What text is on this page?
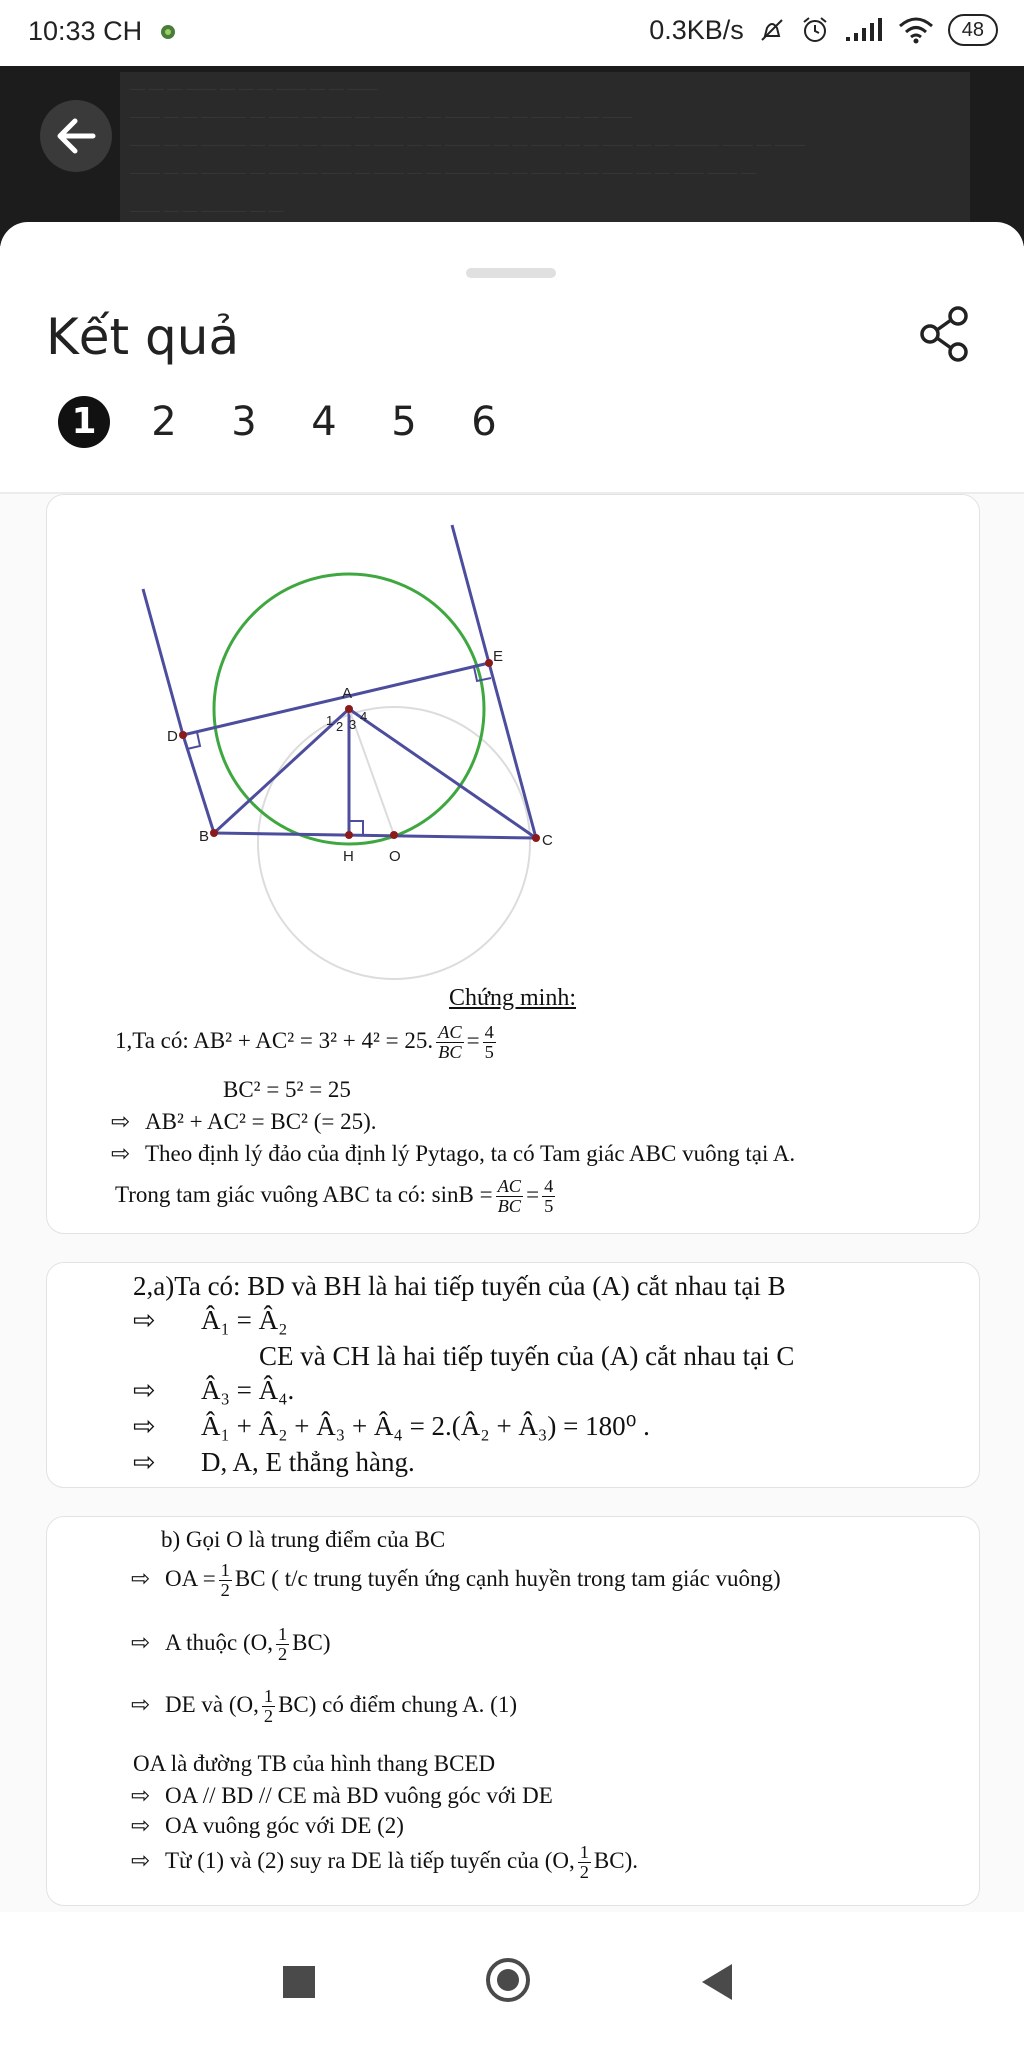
10:33 CH	0.3KB/s	48
— — — —— — — — —— — — ——
—— — — ——— — —— — —— — —— — — ——— — — —— — — ——
—— — — ——— — —— — —— — —— — — ——— — — —— — — —— — — ——— —— — ——
—— — — ——— — —— — —— — —— — — ——— — — —— — — —— — — —— —— —
—— — — ——— — —
Kết quả
1	2	3	4	5	6
A
B	C
D
E
H O
1 2 3
4
Chứng minh:
1,Ta có: AB² + AC² = 3² + 4² = 25. $\frac{AC}{BC} = \frac{4}{5}$
BC² = 5² = 25
⇨ AB² + AC² = BC² (= 25).
⇨ Theo định lý đảo của định lý Pytago, ta có Tam giác ABC vuông tại A.
Trong tam giác vuông ABC ta có: $\sin B = \frac{AC}{BC} = \frac{4}{5}$
2,a)Ta có: BD và BH là hai tiếp tuyến của (A) cắt nhau tại B
⇨ Â₁ = Â₂
CE và CH là hai tiếp tuyến của (A) cắt nhau tại C
⇨ Â₃ = Â₄.
⇨ Â₁ + Â₂ + Â₃ + Â₄ = 2.(Â₂ + Â₃) = 180⁰ .
⇨ D, A, E thẳng hàng.
b) Gọi O là trung điểm của BC
⇨ OA = $\frac{1}{2}$ BC ( t/c trung tuyến ứng cạnh huyền trong tam giác vuông)
⇨ A thuộc (O, $\frac{1}{2} BC$)
⇨ DE và (O, $\frac{1}{2} BC$) có điểm chung A. (1)
OA là đường TB của hình thang BCED
⇨ OA // BD // CE mà BD vuông góc với DE
⇨ OA vuông góc với DE (2)
⇨ Từ (1) và (2) suy ra DE là tiếp tuyến của (O, $\frac{1}{2} BC$).
